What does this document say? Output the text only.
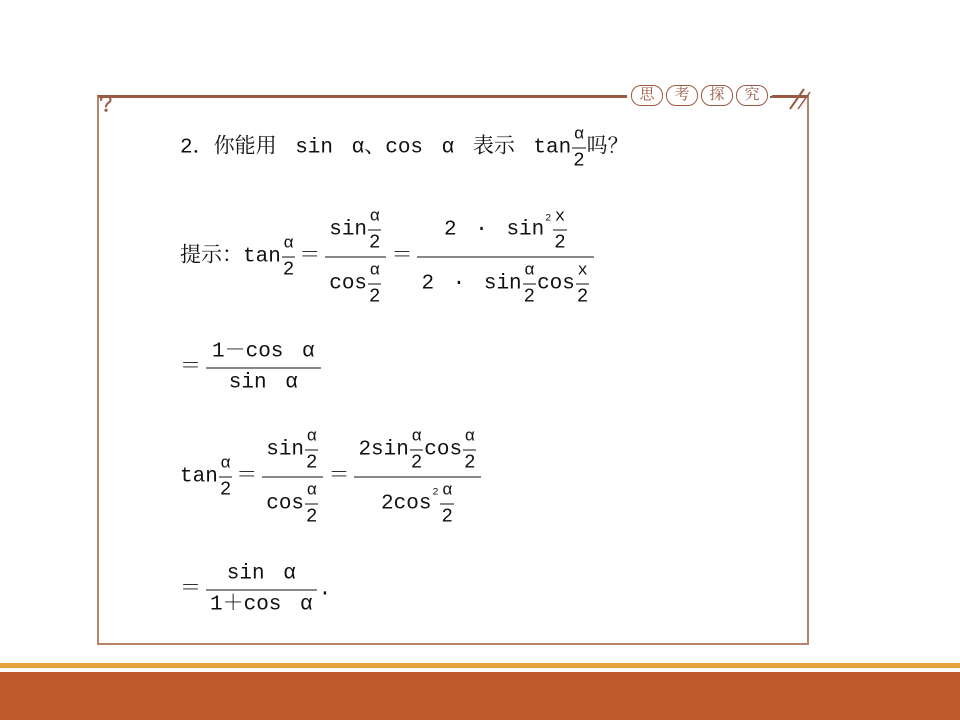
思	考	探	究
2．你能用 sin α、cos α 表示 $\tan \frac{\alpha}{2}$ 吗？
提示：$\tan \frac{\alpha}{2} = \frac{\sin \frac{\alpha}{2}}{\cos \frac{\alpha}{2}}$ ＝
$2 \cdot \sin 2 \frac{x}{2}$
$2 \cdot \sin \frac{\alpha}{2}$ $\cos \frac{x}{2}$
＝ $\frac{\text{1－cos α}}{\text{sin α}}$
$\tan \frac{\alpha}{2} = \frac{\sin \frac{\alpha}{2}}{\cos \frac{\alpha}{2}}$ ＝
$2\sin \frac{\alpha}{2}$ $\cos \frac{\alpha}{2}$
2cos $2 \frac{\alpha}{2}$
＝ $\frac{\text{sin α}}{\text{1＋cos α}}$ .
